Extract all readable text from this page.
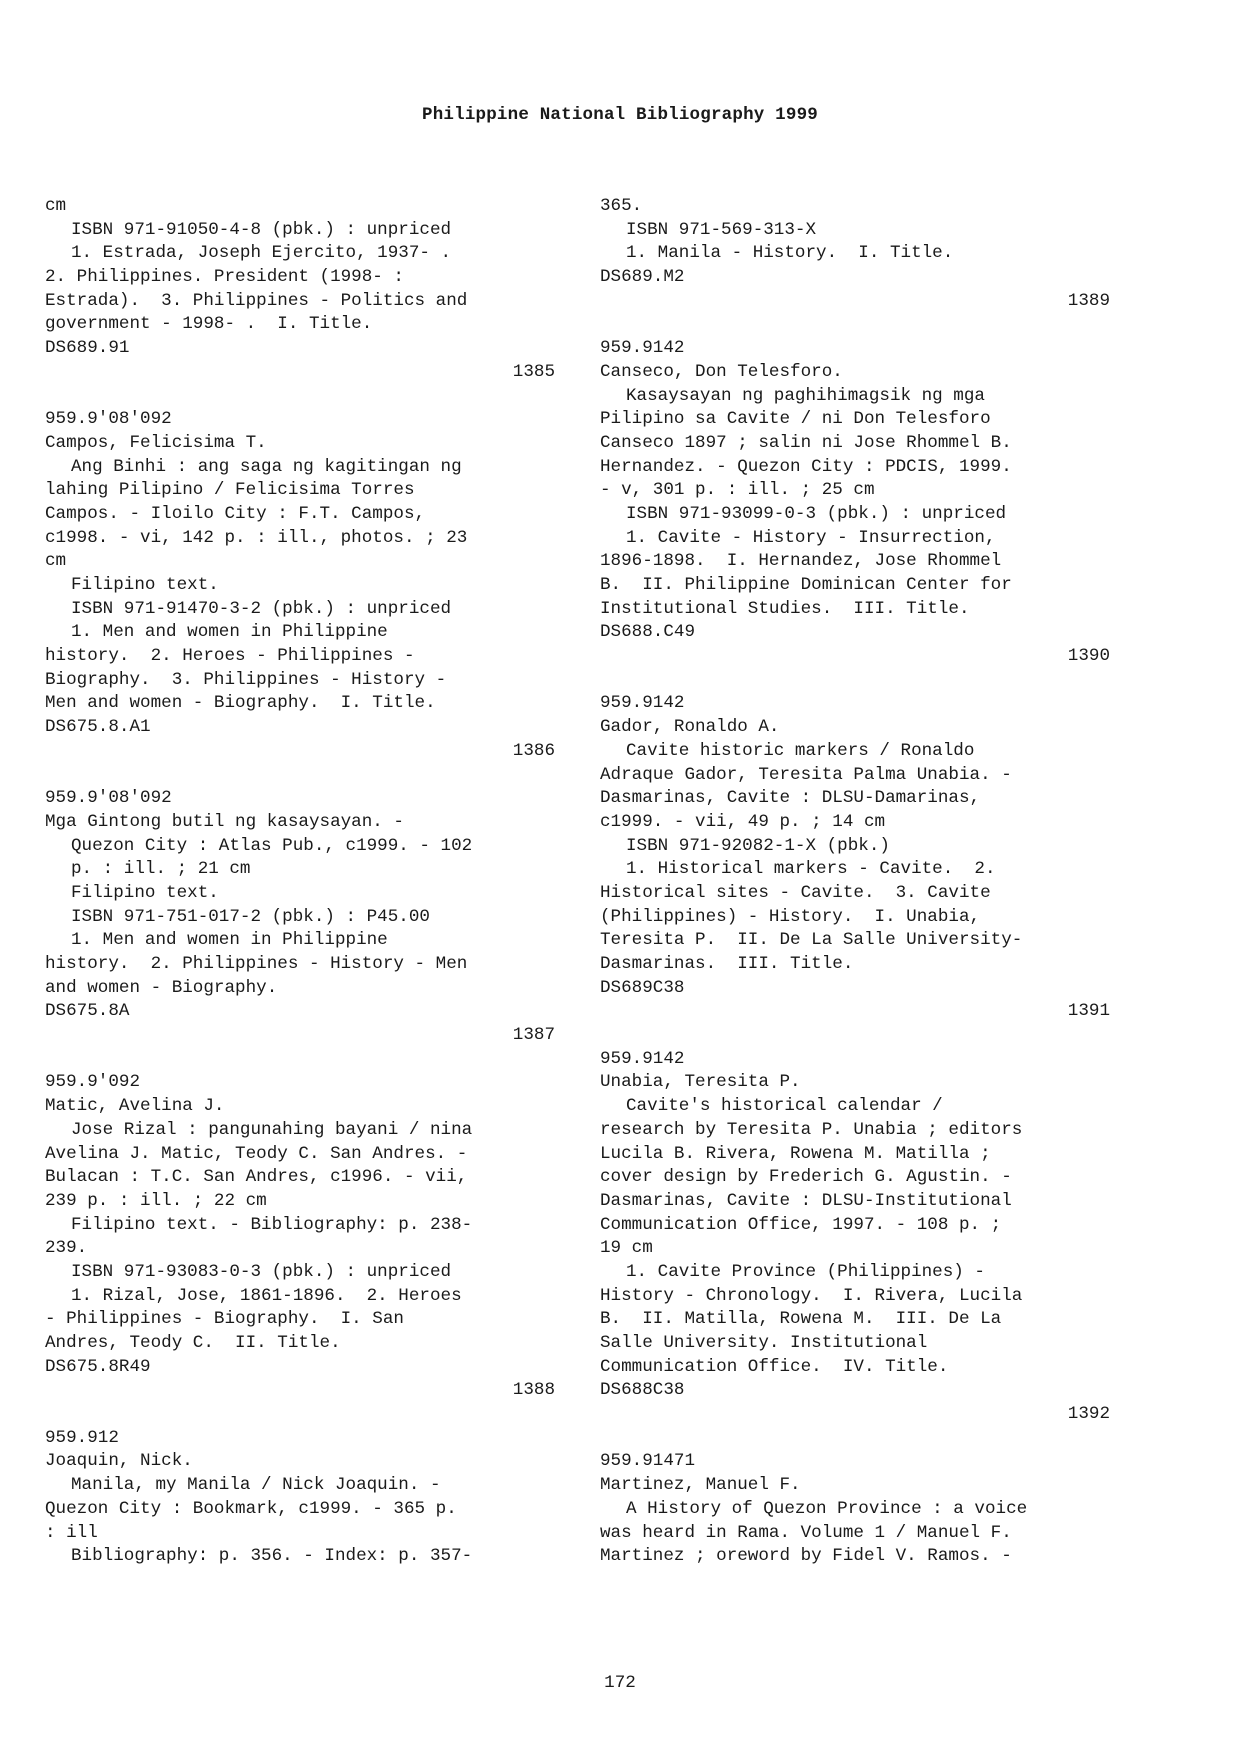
Philippine National Bibliography 1999
cm
ISBN 971-91050-4-8 (pbk.) : unpriced
1. Estrada, Joseph Ejercito, 1937- .
2. Philippines. President (1998- :
Estrada).  3. Philippines - Politics and
government - 1998- .  I. Title.
DS689.91
1385
959.9'08'092
Campos, Felicisima T.
Ang Binhi : ang saga ng kagitingan ng
lahing Pilipino / Felicisima Torres
Campos. - Iloilo City : F.T. Campos,
c1998. - vi, 142 p. : ill., photos. ; 23
cm
Filipino text.
ISBN 971-91470-3-2 (pbk.) : unpriced
1. Men and women in Philippine
history.  2. Heroes - Philippines -
Biography.  3. Philippines - History -
Men and women - Biography.  I. Title.
DS675.8.A1
1386
959.9'08'092
Mga Gintong butil ng kasaysayan. -
Quezon City : Atlas Pub., c1999. - 102
p. : ill. ; 21 cm
Filipino text.
ISBN 971-751-017-2 (pbk.) : P45.00
1. Men and women in Philippine
history.  2. Philippines - History - Men
and women - Biography.
DS675.8A
1387
959.9'092
Matic, Avelina J.
Jose Rizal : pangunahing bayani / nina
Avelina J. Matic, Teody C. San Andres. -
Bulacan : T.C. San Andres, c1996. - vii,
239 p. : ill. ; 22 cm
Filipino text. - Bibliography: p. 238-
239.
ISBN 971-93083-0-3 (pbk.) : unpriced
1. Rizal, Jose, 1861-1896.  2. Heroes
- Philippines - Biography.  I. San
Andres, Teody C.  II. Title.
DS675.8R49
1388
959.912
Joaquin, Nick.
Manila, my Manila / Nick Joaquin. -
Quezon City : Bookmark, c1999. - 365 p.
: ill
Bibliography: p. 356. - Index: p. 357-
365.
ISBN 971-569-313-X
1. Manila - History.  I. Title.
DS689.M2
1389
959.9142
Canseco, Don Telesforo.
Kasaysayan ng paghihimagsik ng mga
Pilipino sa Cavite / ni Don Telesforo
Canseco 1897 ; salin ni Jose Rhommel B.
Hernandez. - Quezon City : PDCIS, 1999.
- v, 301 p. : ill. ; 25 cm
ISBN 971-93099-0-3 (pbk.) : unpriced
1. Cavite - History - Insurrection,
1896-1898.  I. Hernandez, Jose Rhommel
B.  II. Philippine Dominican Center for
Institutional Studies.  III. Title.
DS688.C49
1390
959.9142
Gador, Ronaldo A.
Cavite historic markers / Ronaldo
Adraque Gador, Teresita Palma Unabia. -
Dasmarinas, Cavite : DLSU-Damarinas,
c1999. - vii, 49 p. ; 14 cm
ISBN 971-92082-1-X (pbk.)
1. Historical markers - Cavite.  2.
Historical sites - Cavite.  3. Cavite
(Philippines) - History.  I. Unabia,
Teresita P.  II. De La Salle University-
Dasmarinas.  III. Title.
DS689C38
1391
959.9142
Unabia, Teresita P.
Cavite's historical calendar /
research by Teresita P. Unabia ; editors
Lucila B. Rivera, Rowena M. Matilla ;
cover design by Frederich G. Agustin. -
Dasmarinas, Cavite : DLSU-Institutional
Communication Office, 1997. - 108 p. ;
19 cm
1. Cavite Province (Philippines) -
History - Chronology.  I. Rivera, Lucila
B.  II. Matilla, Rowena M.  III. De La
Salle University. Institutional
Communication Office.  IV. Title.
DS688C38
1392
959.91471
Martinez, Manuel F.
A History of Quezon Province : a voice
was heard in Rama. Volume 1 / Manuel F.
Martinez ; oreword by Fidel V. Ramos. -
172
